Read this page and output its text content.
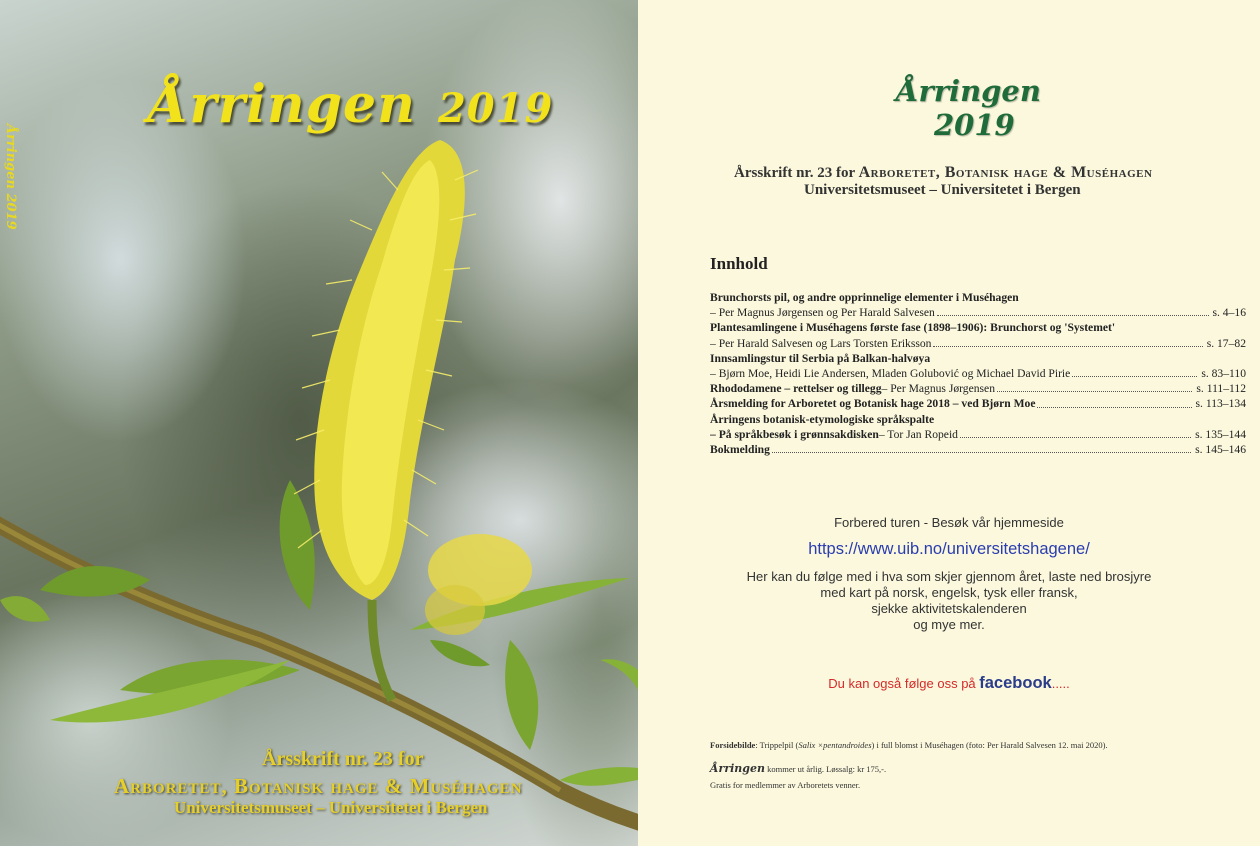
Årringen 2019
Årringen 2019
Årsskrift nr. 23 for
Arboretet, Botanisk hage & Muséhagen
Universitetsmuseet – Universitetet i Bergen
Årringen
2019
Årsskrift nr. 23 for Arboretet, Botanisk hage & Muséhagen
Universitetsmuseet – Universitetet i Bergen
Innhold
Brunchorsts pil, og andre opprinnelige elementer i Muséhagen
– Per Magnus Jørgensen og Per Harald Salvesen	s. 4–16
Plantesamlingene i Muséhagens første fase (1898–1906): Brunchorst og 'Systemet'
– Per Harald Salvesen og Lars Torsten Eriksson	s. 17–82
Innsamlingstur til Serbia på Balkan-halvøya
– Bjørn Moe, Heidi Lie Andersen, Mladen Golubović og Michael David Pirie	s. 83–110
Rhododamene – rettelser og tillegg – Per Magnus Jørgensen	s. 111–112
Årsmelding for Arboretet og Botanisk hage 2018 – ved Bjørn Moe	s. 113–134
Årringens botanisk-etymologiske språkspalte
– På språkbesøk i grønnsakdisken – Tor Jan Ropeid	s. 135–144
Bokmelding	s. 145–146
Forbered turen - Besøk vår hjemmeside
https://www.uib.no/universitetshagene/
Her kan du følge med i hva som skjer gjennom året, laste ned brosjyre
med kart på norsk, engelsk, tysk eller fransk,
sjekke aktivitetskalenderen
og mye mer.
Du kan også følge oss på facebook.....
Forsidebilde: Trippelpil (Salix ×pentandroides) i full blomst i Muséhagen (foto: Per Harald Salvesen 12. mai 2020).
Årringen kommer ut årlig. Løssalg: kr 175,-.
Gratis for medlemmer av Arboretets venner.
